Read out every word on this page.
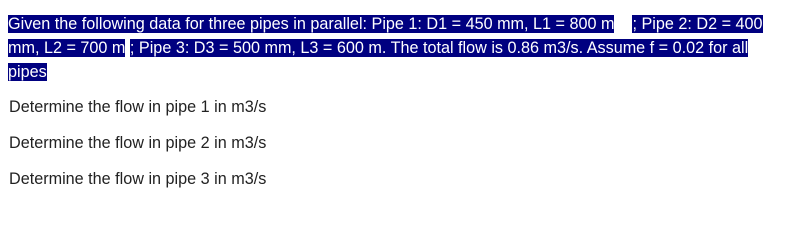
Given the following data for three pipes in parallel: Pipe 1: D1 = 450 mm, L1 = 800 m ; Pipe 2: D2 = 400 mm, L2 = 700 m ; Pipe 3: D3 = 500 mm, L3 = 600 m. The total flow is 0.86 m3/s. Assume f = 0.02 for all pipes

Determine the flow in pipe 1 in m3/s

Determine the flow in pipe 2 in m3/s

Determine the flow in pipe 3 in m3/s
